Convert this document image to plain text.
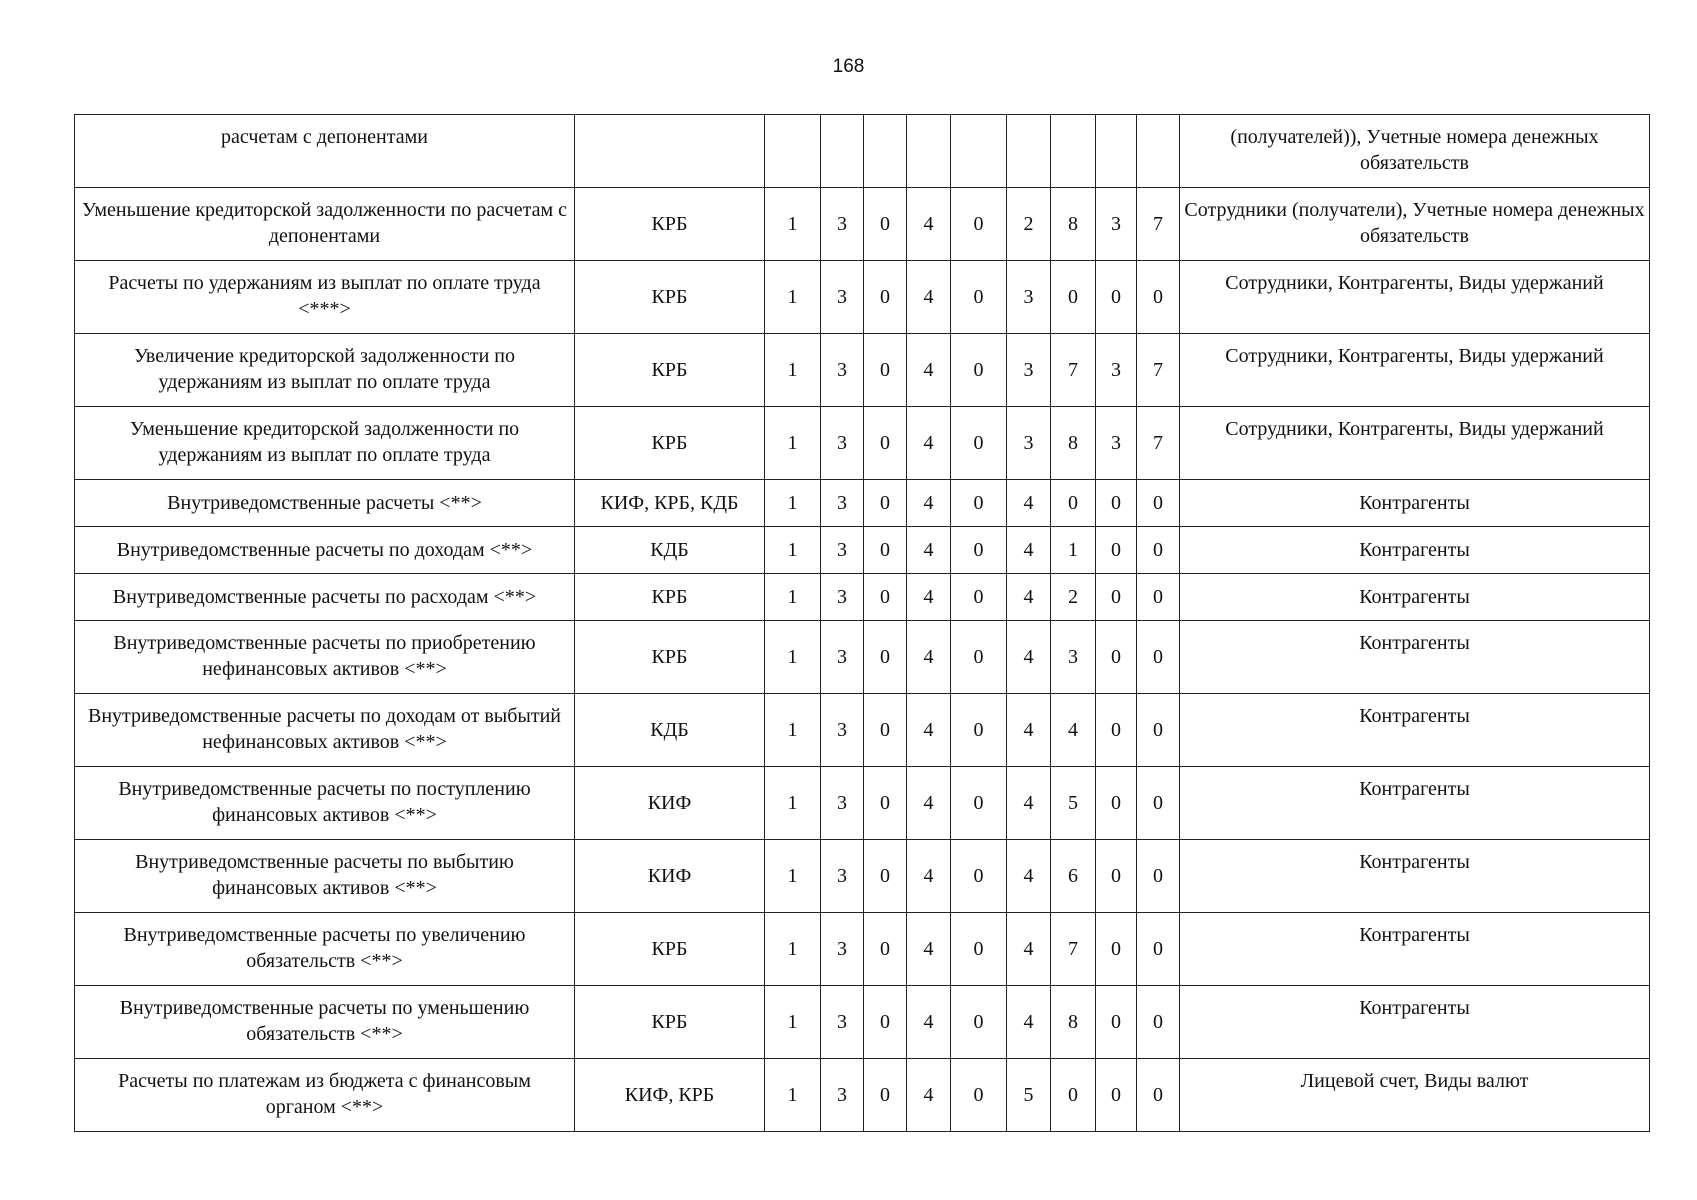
168
расчетам с депонентами											(получателей)), Учетные номера денежных обязательств
Уменьшение кредиторской задолженности по расчетам с депонентами	КРБ	1	3	0	4	0	2	8	3	7	Сотрудники (получатели), Учетные номера денежных обязательств
Расчеты по удержаниям из выплат по оплате труда <***>	КРБ	1	3	0	4	0	3	0	0	0	Сотрудники, Контрагенты, Виды удержаний
Увеличение кредиторской задолженности по удержаниям из выплат по оплате труда	КРБ	1	3	0	4	0	3	7	3	7	Сотрудники, Контрагенты, Виды удержаний
Уменьшение кредиторской задолженности по удержаниям из выплат по оплате труда	КРБ	1	3	0	4	0	3	8	3	7	Сотрудники, Контрагенты, Виды удержаний
Внутриведомственные расчеты <**>	КИФ, КРБ, КДБ	1	3	0	4	0	4	0	0	0	Контрагенты
Внутриведомственные расчеты по доходам <**>	КДБ	1	3	0	4	0	4	1	0	0	Контрагенты
Внутриведомственные расчеты по расходам <**>	КРБ	1	3	0	4	0	4	2	0	0	Контрагенты
Внутриведомственные расчеты по приобретению нефинансовых активов <**>	КРБ	1	3	0	4	0	4	3	0	0	Контрагенты
Внутриведомственные расчеты по доходам от выбытий нефинансовых активов <**>	КДБ	1	3	0	4	0	4	4	0	0	Контрагенты
Внутриведомственные расчеты по поступлению финансовых активов <**>	КИФ	1	3	0	4	0	4	5	0	0	Контрагенты
Внутриведомственные расчеты по выбытию финансовых активов <**>	КИФ	1	3	0	4	0	4	6	0	0	Контрагенты
Внутриведомственные расчеты по увеличению обязательств <**>	КРБ	1	3	0	4	0	4	7	0	0	Контрагенты
Внутриведомственные расчеты по уменьшению обязательств <**>	КРБ	1	3	0	4	0	4	8	0	0	Контрагенты
Расчеты по платежам из бюджета с финансовым органом <**>	КИФ, КРБ	1	3	0	4	0	5	0	0	0	Лицевой счет, Виды валют
